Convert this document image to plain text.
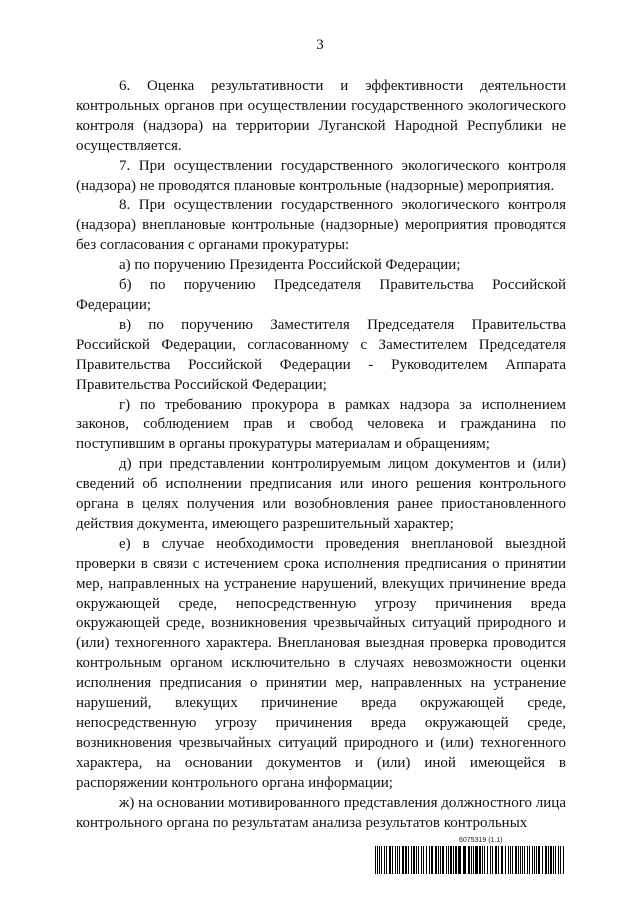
3

6. Оценка результативности и эффективности деятельности контрольных органов при осуществлении государственного экологического контроля (надзора) на территории Луганской Народной Республики не осуществляется.

7. При осуществлении государственного экологического контроля (надзора) не проводятся плановые контрольные (надзорные) мероприятия.

8. При осуществлении государственного экологического контроля (надзора) внеплановые контрольные (надзорные) мероприятия проводятся без согласования с органами прокуратуры:

а) по поручению Президента Российской Федерации;

б) по поручению Председателя Правительства Российской Федерации;

в) по поручению Заместителя Председателя Правительства Российской Федерации, согласованному с Заместителем Председателя Правительства Российской Федерации - Руководителем Аппарата Правительства Российской Федерации;

г) по требованию прокурора в рамках надзора за исполнением законов, соблюдением прав и свобод человека и гражданина по поступившим в органы прокуратуры материалам и обращениям;

д) при представлении контролируемым лицом документов и (или) сведений об исполнении предписания или иного решения контрольного органа в целях получения или возобновления ранее приостановленного действия документа, имеющего разрешительный характер;

е) в случае необходимости проведения внеплановой выездной проверки в связи с истечением срока исполнения предписания о принятии мер, направленных на устранение нарушений, влекущих причинение вреда окружающей среде, непосредственную угрозу причинения вреда окружающей среде, возникновения чрезвычайных ситуаций природного и (или) техногенного характера. Внеплановая выездная проверка проводится контрольным органом исключительно в случаях невозможности оценки исполнения предписания о принятии мер, направленных на устранение нарушений, влекущих причинение вреда окружающей среде, непосредственную угрозу причинения вреда окружающей среде, возникновения чрезвычайных ситуаций природного и (или) техногенного характера, на основании документов и (или) иной имеющейся в распоряжении контрольного органа информации;

ж) на основании мотивированного представления должностного лица контрольного органа по результатам анализа результатов контрольных

6075319 (1.1)
